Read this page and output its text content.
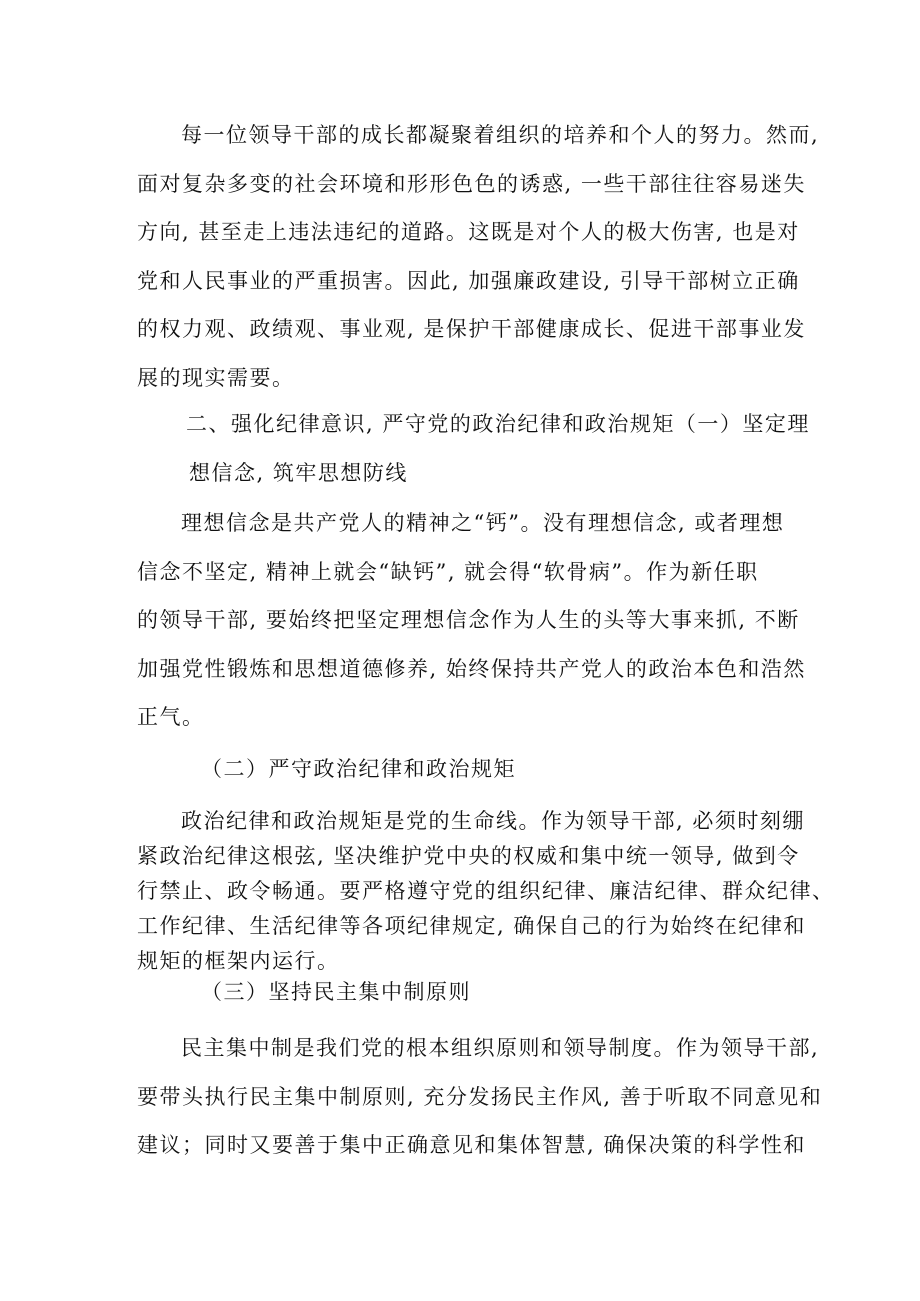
每一位领导干部的成长都凝聚着组织的培养和个人的努力。然而,
面对复杂多变的社会环境和形形色色的诱惑, 一些干部往往容易迷失
方向, 甚至走上违法违纪的道路。这既是对个人的极大伤害, 也是对
党和人民事业的严重损害。因此, 加强廉政建设, 引导干部树立正确
的权力观、政绩观、事业观, 是保护干部健康成长、促进干部事业发
展的现实需要。
二、强化纪律意识, 严守党的政治纪律和政治规矩（一）坚定理
想信念, 筑牢思想防线
理想信念是共产党人的精神之“钙”。没有理想信念, 或者理想
信念不坚定, 精神上就会“缺钙”, 就会得“软骨病”。作为新任职
的领导干部, 要始终把坚定理想信念作为人生的头等大事来抓, 不断
加强党性锻炼和思想道德修养, 始终保持共产党人的政治本色和浩然
正气。
（二）严守政治纪律和政治规矩
政治纪律和政治规矩是党的生命线。作为领导干部, 必须时刻绷
紧政治纪律这根弦, 坚决维护党中央的权威和集中统一领导, 做到令
行禁止、政令畅通。要严格遵守党的组织纪律、廉洁纪律、群众纪律、
工作纪律、生活纪律等各项纪律规定, 确保自己的行为始终在纪律和
规矩的框架内运行。
（三）坚持民主集中制原则
民主集中制是我们党的根本组织原则和领导制度。作为领导干部,
要带头执行民主集中制原则, 充分发扬民主作风, 善于听取不同意见和
建议；同时又要善于集中正确意见和集体智慧, 确保决策的科学性和
